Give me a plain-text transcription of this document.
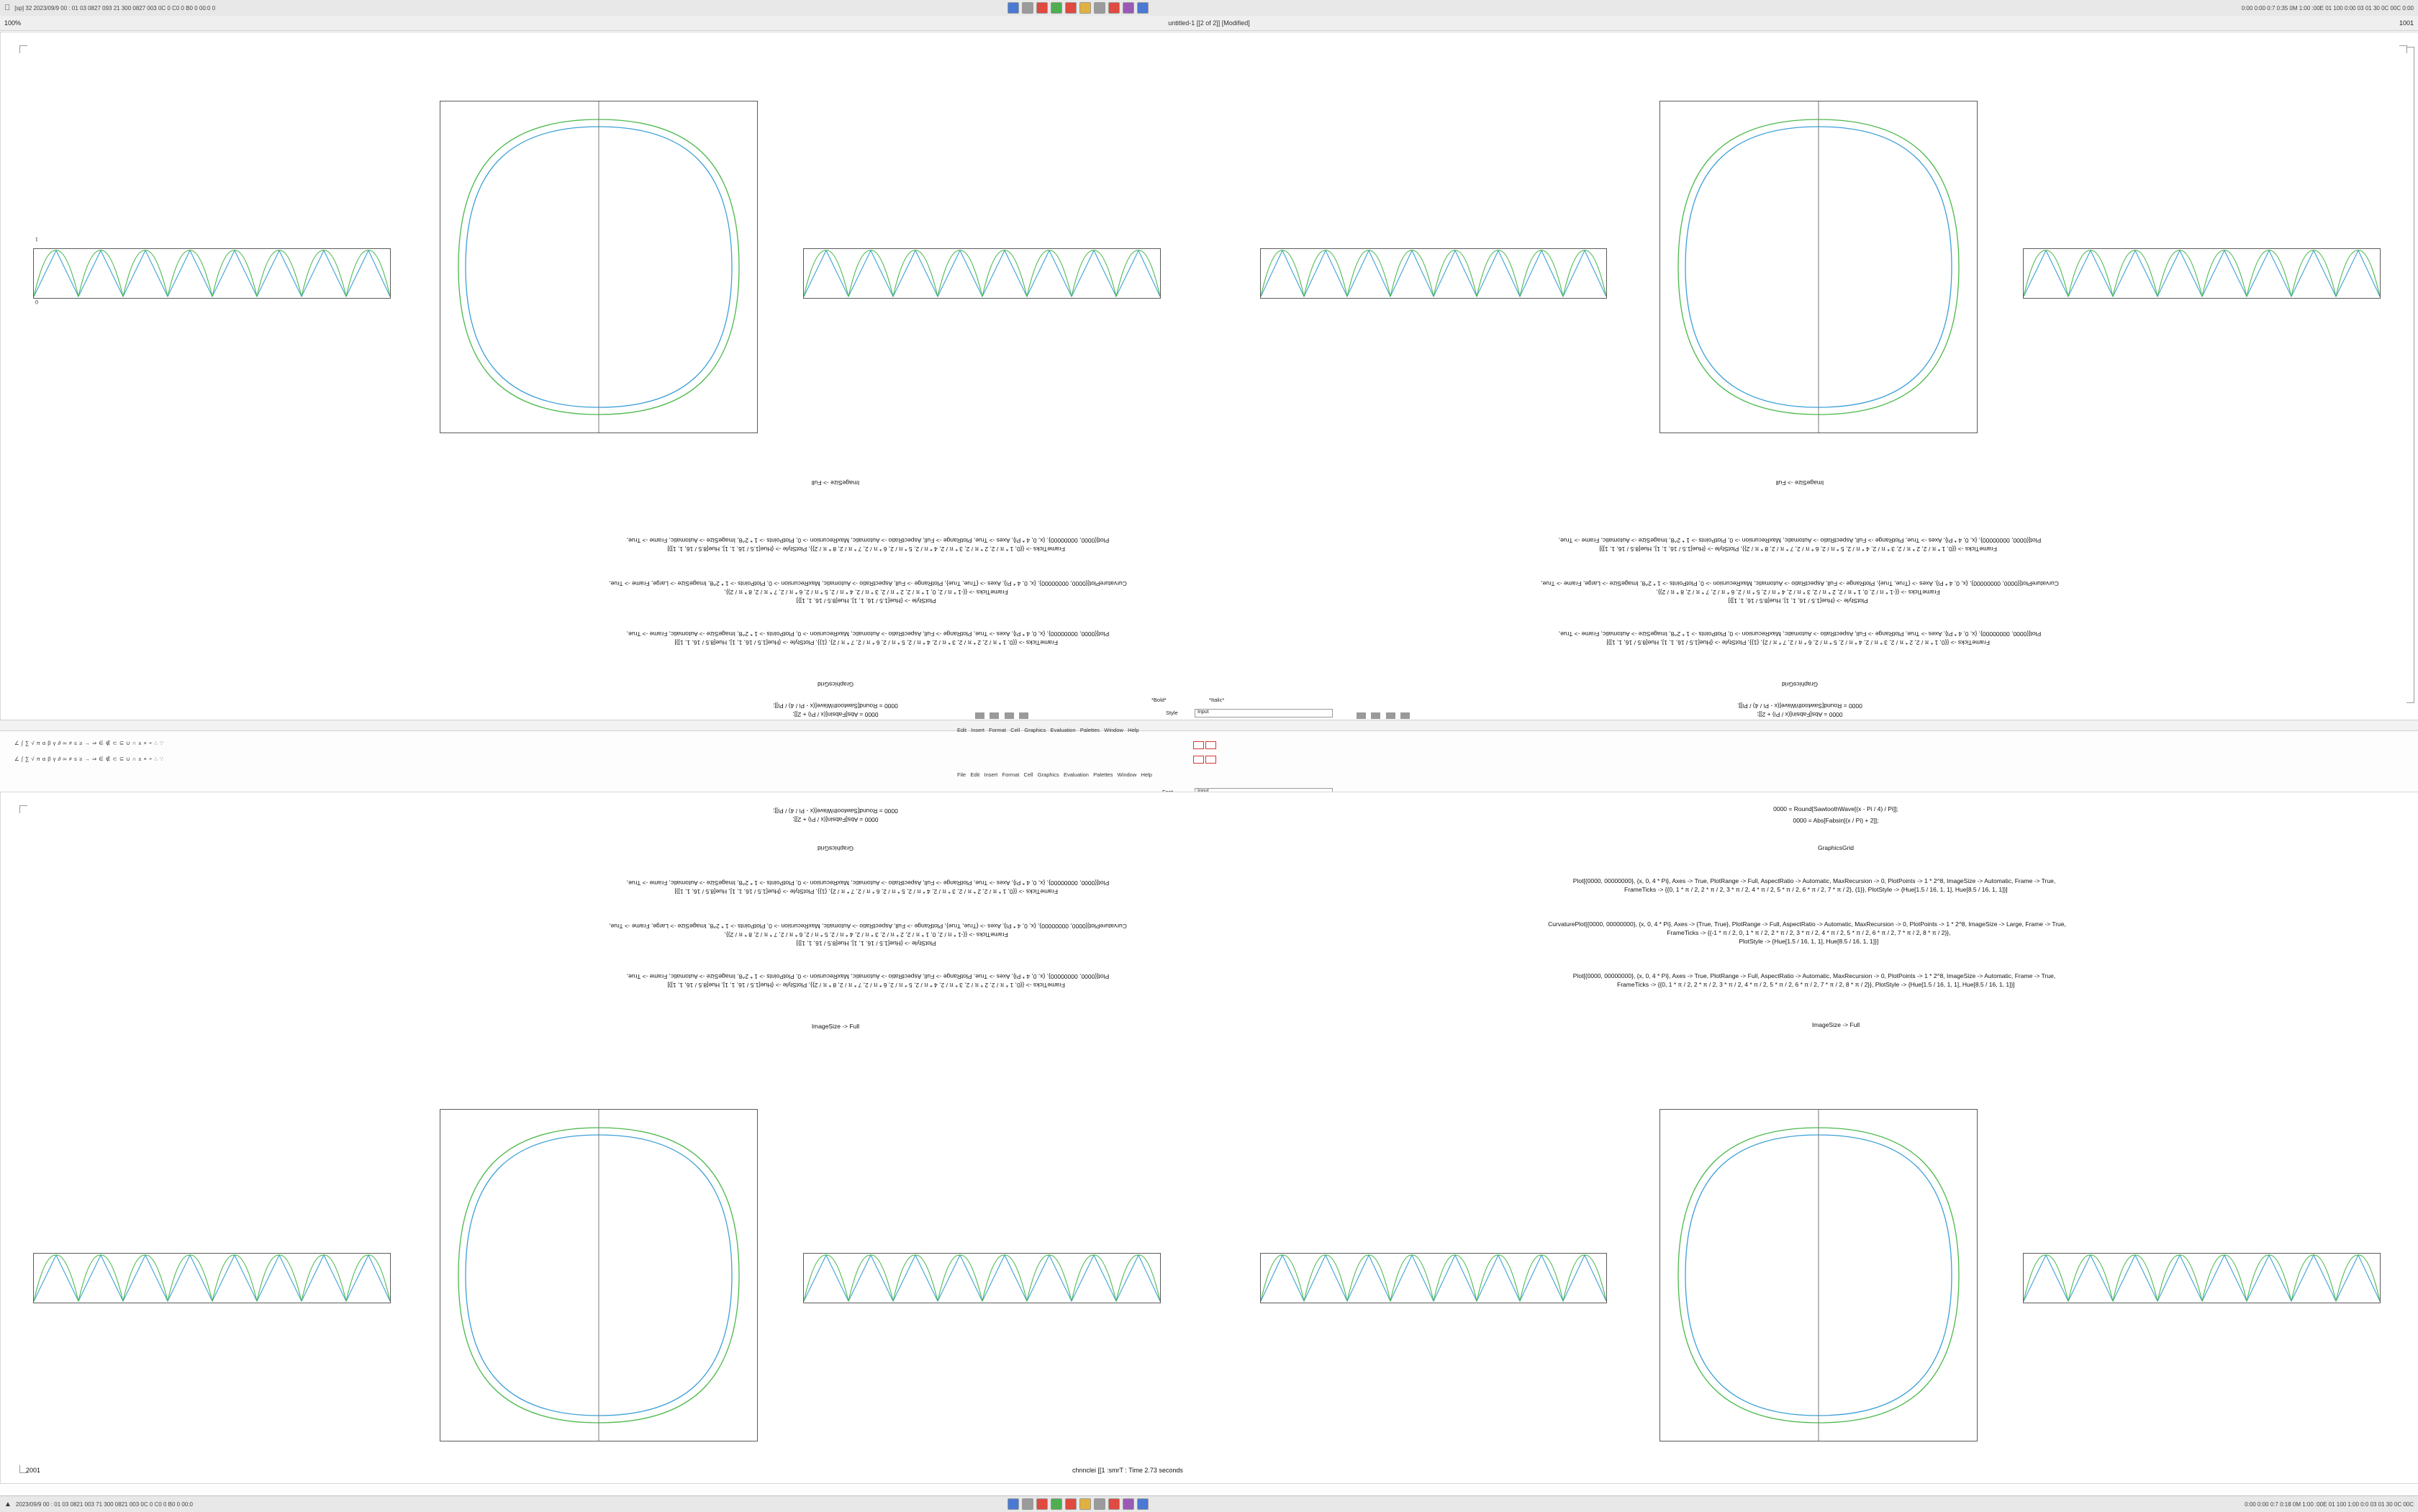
[sp] 32 2023/09/9 00 : 01 03 0827 093 21 300 0827 003 0C 0 C0 0 B0 0 00:0 0	0:00 0:00 0:7 0:35 0M 1:00 :00E 01 100 0:00 03 01 30 0C 00C 0:00
100%	untitled-1 [[2 of 2]] [Modified]	1001
1
0
ImageSize -> Full
Plot[{0000, 00000000}, {x, 0, 4 * Pi}, Axes -> True, PlotRange -> Full, AspectRatio -> Automatic, MaxRecursion -> 0, PlotPoints -> 1 * 2^8, ImageSize -> Automatic, Frame -> True,
FrameTicks -> {{0, 1 * π / 2, 2 * π / 2, 3 * π / 2, 4 * π / 2, 5 * π / 2, 6 * π / 2, 7 * π / 2, 8 * π / 2}}, PlotStyle -> {Hue[1.5 / 16, 1, 1], Hue[8.5 / 16, 1, 1]}]
CurvaturePlot[{0000, 00000000}, {x, 0, 4 * Pi}, Axes -> {True, True}, PlotRange -> Full, AspectRatio -> Automatic, MaxRecursion -> 0, PlotPoints -> 1 * 2^8, ImageSize -> Large, Frame -> True,
FrameTicks -> {{-1 * π / 2, 0, 1 * π / 2, 2 * π / 2, 3 * π / 2, 4 * π / 2, 5 * π / 2, 6 * π / 2, 7 * π / 2, 8 * π / 2}},
PlotStyle -> {Hue[1.5 / 16, 1, 1], Hue[8.5 / 16, 1, 1]}]
Plot[{0000, 00000000}, {x, 0, 4 * Pi}, Axes -> True, PlotRange -> Full, AspectRatio -> Automatic, MaxRecursion -> 0, PlotPoints -> 1 * 2^8, ImageSize -> Automatic, Frame -> True,
FrameTicks -> {{0, 1 * π / 2, 2 * π / 2, 3 * π / 2, 4 * π / 2, 5 * π / 2, 6 * π / 2, 7 * π / 2}, {1}}, PlotStyle -> {Hue[1.5 / 16, 1, 1], Hue[8.5 / 16, 1, 1]}]
GraphicsGrid
0000 = Round[SawtoothWave[(x - Pi / 4) / Pi]];
0000 = Abs[Fabsin[(x / Pi) + 2]];
ImageSize -> Full
Plot[{0000, 00000000}, {x, 0, 4 * Pi}, Axes -> True, PlotRange -> Full, AspectRatio -> Automatic, MaxRecursion -> 0, PlotPoints -> 1 * 2^8, ImageSize -> Automatic, Frame -> True,
FrameTicks -> {{0, 1 * π / 2, 2 * π / 2, 3 * π / 2, 4 * π / 2, 5 * π / 2, 6 * π / 2, 7 * π / 2, 8 * π / 2}}, PlotStyle -> {Hue[1.5 / 16, 1, 1], Hue[8.5 / 16, 1, 1]}]
CurvaturePlot[{0000, 00000000}, {x, 0, 4 * Pi}, Axes -> {True, True}, PlotRange -> Full, AspectRatio -> Automatic, MaxRecursion -> 0, PlotPoints -> 1 * 2^8, ImageSize -> Large, Frame -> True,
FrameTicks -> {{-1 * π / 2, 0, 1 * π / 2, 2 * π / 2, 3 * π / 2, 4 * π / 2, 5 * π / 2, 6 * π / 2, 7 * π / 2, 8 * π / 2}},
PlotStyle -> {Hue[1.5 / 16, 1, 1], Hue[8.5 / 16, 1, 1]}]
Plot[{0000, 00000000}, {x, 0, 4 * Pi}, Axes -> True, PlotRange -> Full, AspectRatio -> Automatic, MaxRecursion -> 0, PlotPoints -> 1 * 2^8, ImageSize -> Automatic, Frame -> True,
FrameTicks -> {{0, 1 * π / 2, 2 * π / 2, 3 * π / 2, 4 * π / 2, 5 * π / 2, 6 * π / 2, 7 * π / 2}, {1}}, PlotStyle -> {Hue[1.5 / 16, 1, 1], Hue[8.5 / 16, 1, 1]}]
GraphicsGrid
0000 = Round[SawtoothWave[(x - Pi / 4) / Pi]];
0000 = Abs[Fabsin[(x / Pi) + 2]];

Style	Input

*Bold*	*Italic*
Edit   Insert   Format   Cell   Graphics   Evaluation   Palettes   Window   Help
∠ ∫ ∑ √ π α β γ ∂ ∞ ≠ ≤ ≥ → ⇒ ∈ ∉ ⊂ ⊆ ∪ ∩ ± × ÷ ∴ ∵
∠ ∫ ∑ √ π α β γ ∂ ∞ ≠ ≤ ≥ → ⇒ ∈ ∉ ⊂ ⊆ ∪ ∩ ± × ÷ ∴ ∵
File   Edit   Insert   Format   Cell   Graphics   Evaluation   Palettes   Window   Help

0000 = Round[SawtoothWave[(x - Pi / 4) / Pi]];
0000 = Abs[Fabsin[(x / Pi) + 2]];
GraphicsGrid
Plot[{0000, 00000000}, {x, 0, 4 * Pi}, Axes -> True, PlotRange -> Full, AspectRatio -> Automatic, MaxRecursion -> 0, PlotPoints -> 1 * 2^8, ImageSize -> Automatic, Frame -> True,
FrameTicks -> {{0, 1 * π / 2, 2 * π / 2, 3 * π / 2, 4 * π / 2, 5 * π / 2, 6 * π / 2, 7 * π / 2}, {1}}, PlotStyle -> {Hue[1.5 / 16, 1, 1], Hue[8.5 / 16, 1, 1]}]
CurvaturePlot[{0000, 00000000}, {x, 0, 4 * Pi}, Axes -> {True, True}, PlotRange -> Full, AspectRatio -> Automatic, MaxRecursion -> 0, PlotPoints -> 1 * 2^8, ImageSize -> Large, Frame -> True,
FrameTicks -> {{-1 * π / 2, 0, 1 * π / 2, 2 * π / 2, 3 * π / 2, 4 * π / 2, 5 * π / 2, 6 * π / 2, 7 * π / 2, 8 * π / 2}},
PlotStyle -> {Hue[1.5 / 16, 1, 1], Hue[8.5 / 16, 1, 1]}]
Plot[{0000, 00000000}, {x, 0, 4 * Pi}, Axes -> True, PlotRange -> Full, AspectRatio -> Automatic, MaxRecursion -> 0, PlotPoints -> 1 * 2^8, ImageSize -> Automatic, Frame -> True,
FrameTicks -> {{0, 1 * π / 2, 2 * π / 2, 3 * π / 2, 4 * π / 2, 5 * π / 2, 6 * π / 2, 7 * π / 2, 8 * π / 2}}, PlotStyle -> {Hue[1.5 / 16, 1, 1], Hue[8.5 / 16, 1, 1]}]
ImageSize -> Full
0000 = Round[SawtoothWave[(x - Pi / 4) / Pi]];
0000 = Abs[Fabsin[(x / Pi) + 2]];
GraphicsGrid
Plot[{0000, 00000000}, {x, 0, 4 * Pi}, Axes -> True, PlotRange -> Full, AspectRatio -> Automatic, MaxRecursion -> 0, PlotPoints -> 1 * 2^8, ImageSize -> Automatic, Frame -> True,
FrameTicks -> {{0, 1 * π / 2, 2 * π / 2, 3 * π / 2, 4 * π / 2, 5 * π / 2, 6 * π / 2, 7 * π / 2}, {1}}, PlotStyle -> {Hue[1.5 / 16, 1, 1], Hue[8.5 / 16, 1, 1]}]
CurvaturePlot[{0000, 00000000}, {x, 0, 4 * Pi}, Axes -> {True, True}, PlotRange -> Full, AspectRatio -> Automatic, MaxRecursion -> 0, PlotPoints -> 1 * 2^8, ImageSize -> Large, Frame -> True,
FrameTicks -> {{-1 * π / 2, 0, 1 * π / 2, 2 * π / 2, 3 * π / 2, 4 * π / 2, 5 * π / 2, 6 * π / 2, 7 * π / 2, 8 * π / 2}},
PlotStyle -> {Hue[1.5 / 16, 1, 1], Hue[8.5 / 16, 1, 1]}]
Plot[{0000, 00000000}, {x, 0, 4 * Pi}, Axes -> True, PlotRange -> Full, AspectRatio -> Automatic, MaxRecursion -> 0, PlotPoints -> 1 * 2^8, ImageSize -> Automatic, Frame -> True,
FrameTicks -> {{0, 1 * π / 2, 2 * π / 2, 3 * π / 2, 4 * π / 2, 5 * π / 2, 6 * π / 2, 7 * π / 2, 8 * π / 2}}, PlotStyle -> {Hue[1.5 / 16, 1, 1], Hue[8.5 / 16, 1, 1]}]
ImageSize -> Full
chnnclei [[1 :smrT : Time 2.73 seconds
2001
▲ 2023/09/9 00 : 01 03 0821 003 71 300 0821 003 0C 0 C0 0 B0 0 00:0	0:00 0:00 0:7 0:18 0M 1:00 :00E 01 100 1:00 0:0 03 01 30 0C 00C
